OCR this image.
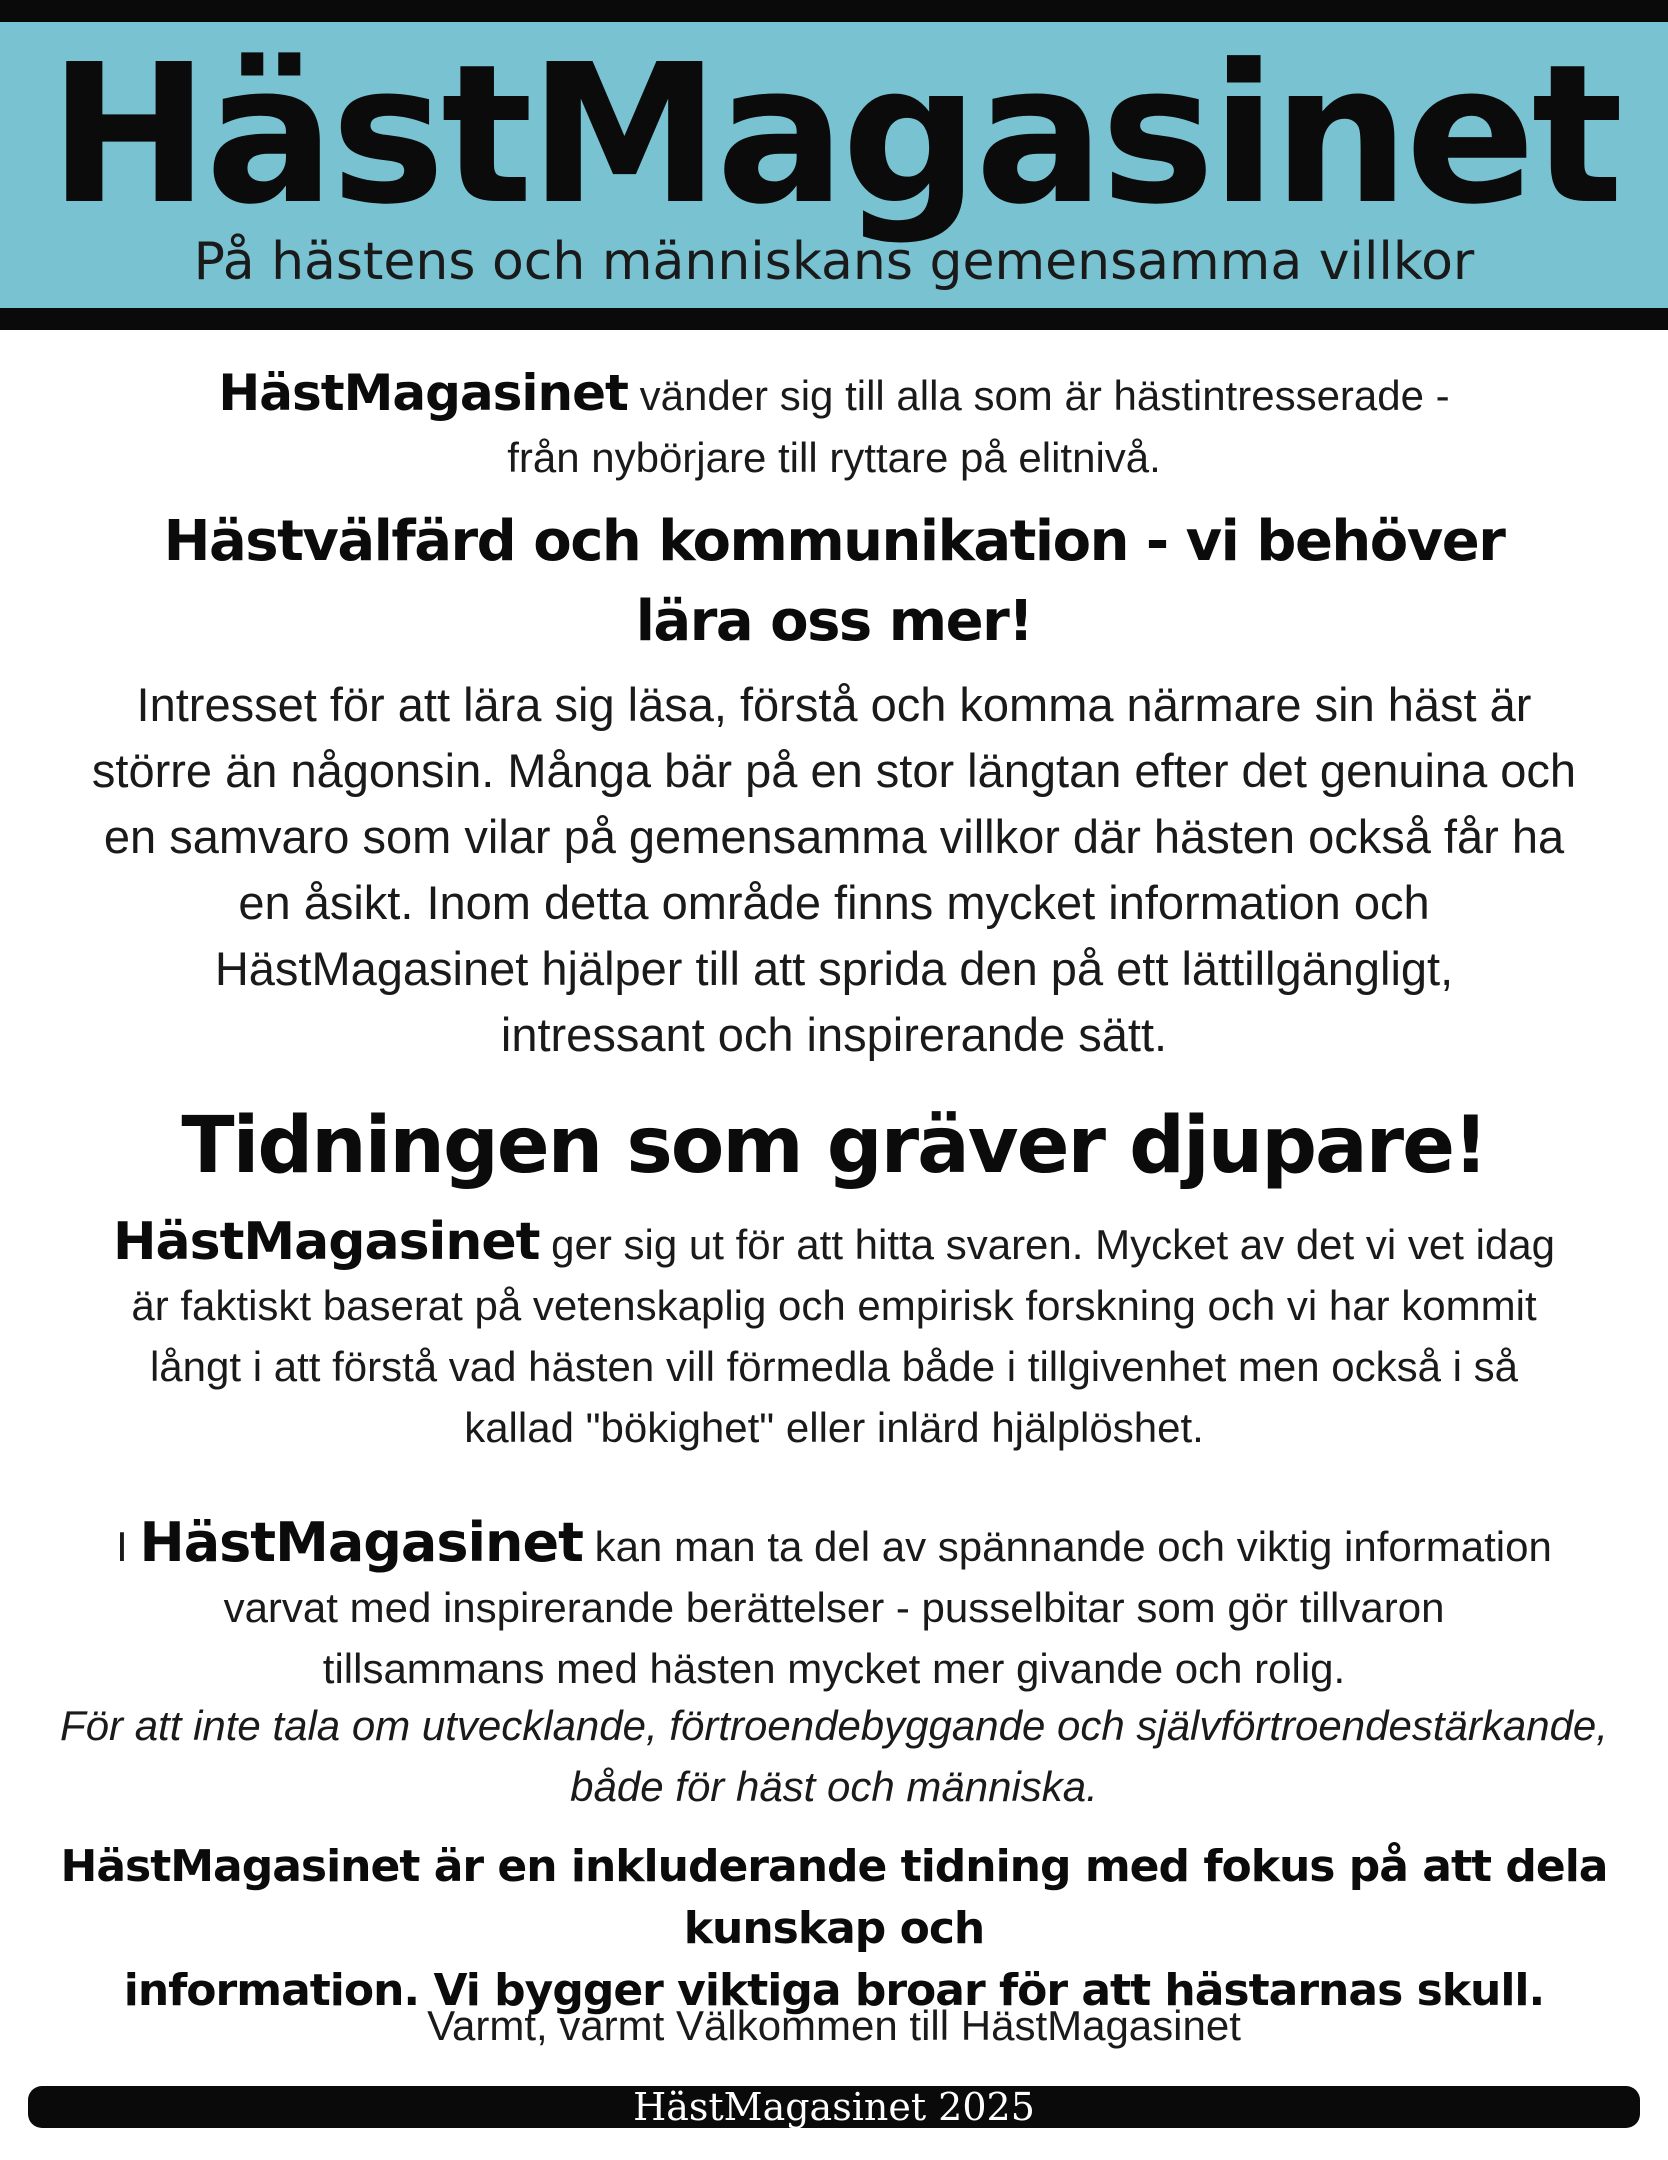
HästMagasinet
På hästens och människans gemensamma villkor
HästMagasinet vänder sig till alla som är hästintresserade -
från nybörjare till ryttare på elitnivå.
Hästvälfärd och kommunikation - vi behöver
lära oss mer!
Intresset för att lära sig läsa, förstå och komma närmare sin häst är
större än någonsin. Många bär på en stor längtan efter det genuina och
en samvaro som vilar på gemensamma villkor där hästen också får ha
en åsikt. Inom detta område finns mycket information och
HästMagasinet hjälper till att sprida den på ett lättillgängligt,
intressant och inspirerande sätt.
Tidningen som gräver djupare!
HästMagasinet ger sig ut för att hitta svaren. Mycket av det vi vet idag
är faktiskt baserat på vetenskaplig och empirisk forskning och vi har kommit
långt i att förstå vad hästen vill förmedla både i tillgivenhet men också i så
kallad "bökighet" eller inlärd hjälplöshet.
I HästMagasinet kan man ta del av spännande och viktig information
varvat med inspirerande berättelser - pusselbitar som gör tillvaron
tillsammans med hästen mycket mer givande och rolig.
För att inte tala om utvecklande, förtroendebyggande och självförtroendestärkande,
både för häst och människa.
HästMagasinet är en inkluderande tidning med fokus på att dela kunskap och
information. Vi bygger viktiga broar för att hästarnas skull.
Varmt, varmt Välkommen till HästMagasinet
HästMagasinet 2025
